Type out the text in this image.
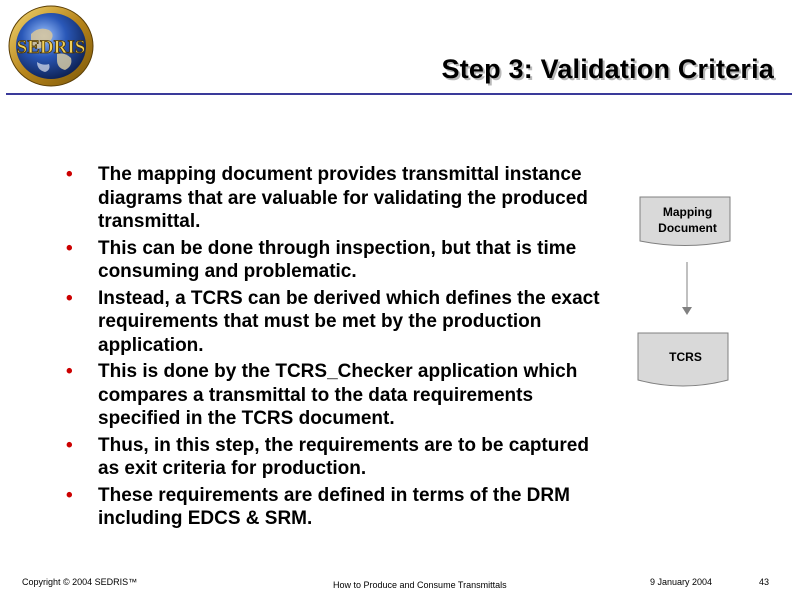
SEDRIS
Step 3: Validation Criteria
• The mapping document provides transmittal instance diagrams that are valuable for validating the produced transmittal.
• This can be done through inspection, but that is time consuming and problematic.
• Instead, a TCRS can be derived which defines the exact requirements that must be met by the production application.
• This is done by the TCRS_Checker application which compares a transmittal to the data requirements specified in the TCRS document.
• Thus, in this step, the requirements are to be captured as exit criteria for production.
• These requirements are defined in terms of the DRM including EDCS & SRM.
Mapping
Document
TCRS
Copyright © 2004 SEDRIS™	How to Produce and Consume Transmittals	9 January 2004	43
